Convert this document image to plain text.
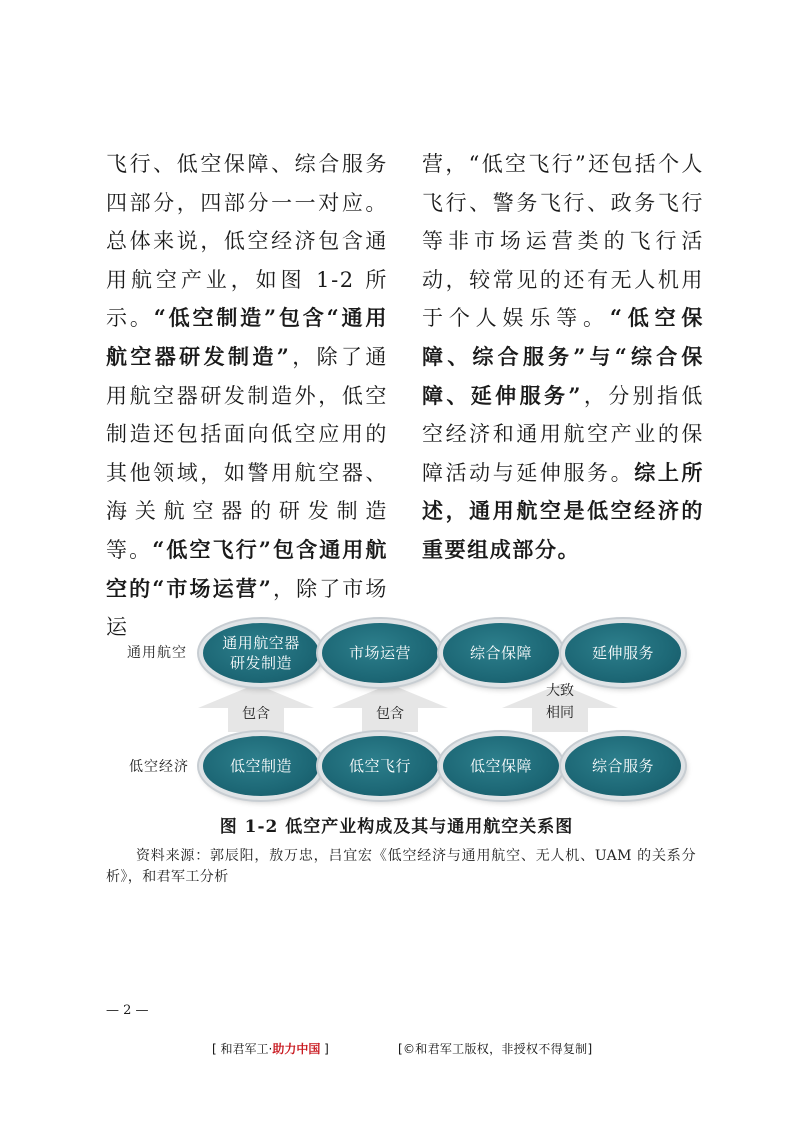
飞行、低空保障、综合服务四部分，四部分一一对应。总体来说，低空经济包含通用航空产业，如图 1-2 所示。“低空制造”包含“通用航空器研发制造”，除了通用航空器研发制造外，低空制造还包括面向低空应用的其他领域，如警用航空器、海关航空器的研发制造等。“低空飞行”包含通用航空的“市场运营”，除了市场运

营，“低空飞行”还包括个人飞行、警务飞行、政务飞行等非市场运营类的飞行活动，较常见的还有无人机用于个人娱乐等。“低空保障、综合服务”与“综合保障、延伸服务”，分别指低空经济和通用航空产业的保障活动与延伸服务。综上所述，通用航空是低空经济的重要组成部分。

通用航空
低空经济
包含	包含
大致
相同
通用航空器
研发制造
市场运营	综合保障	延伸服务
低空制造	低空飞行	低空保障	综合服务
图 1-2 低空产业构成及其与通用航空关系图
资料来源：郭辰阳，敖万忠，吕宜宏《低空经济与通用航空、无人机、UAM 的关系分析》，和君军工分析
— 2 —
[ 和君军工·助力中国 ]	[©和君军工版权，非授权不得复制]
